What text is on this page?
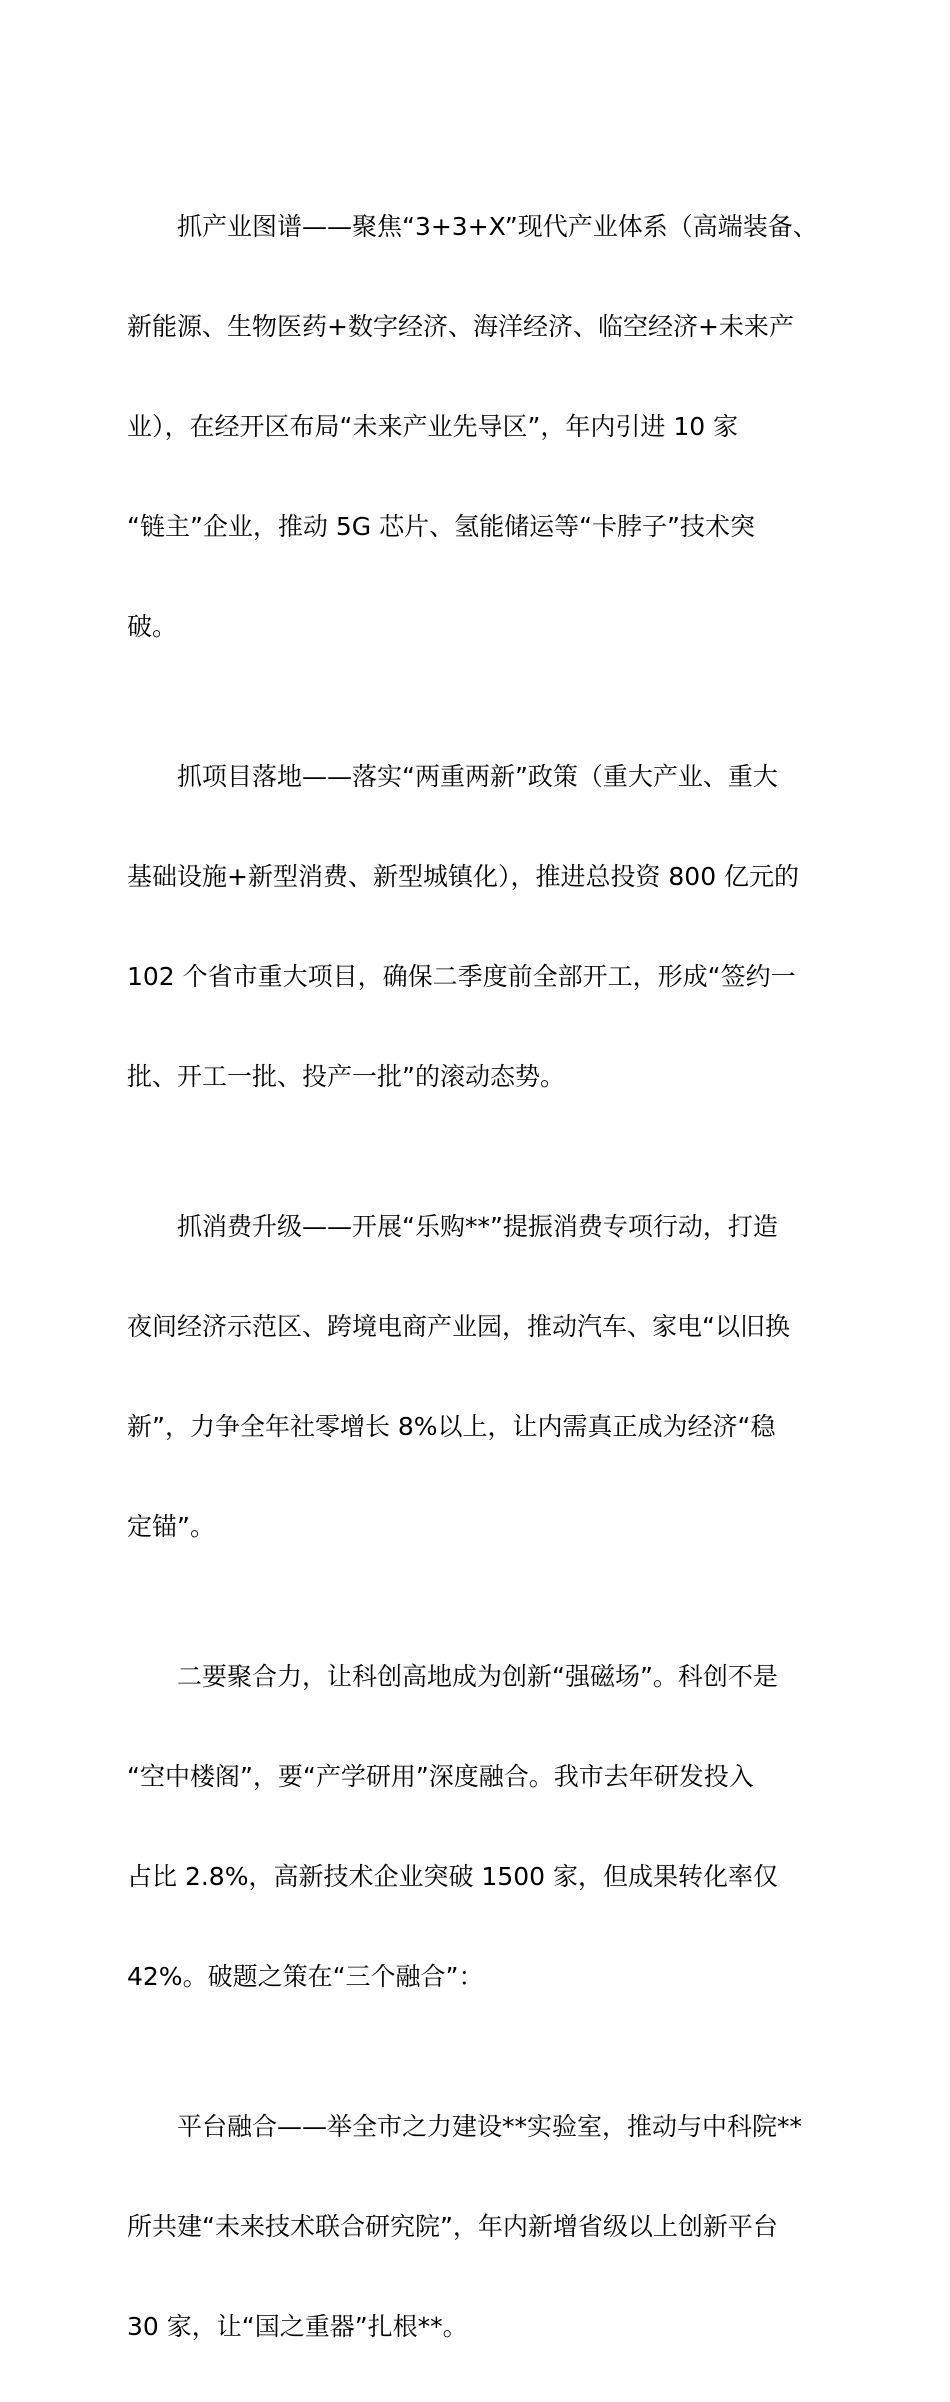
抓产业图谱——聚焦“3+3+X”现代产业体系（高端装备、

新能源、生物医药+数字经济、海洋经济、临空经济+未来产

业），在经开区布局“未来产业先导区”，年内引进 10 家

“链主”企业，推动 5G 芯片、氢能储运等“卡脖子”技术突

破。

抓项目落地——落实“两重两新”政策（重大产业、重大

基础设施+新型消费、新型城镇化），推进总投资 800 亿元的

102 个省市重大项目，确保二季度前全部开工，形成“签约一

批、开工一批、投产一批”的滚动态势。

抓消费升级——开展“乐购**”提振消费专项行动，打造

夜间经济示范区、跨境电商产业园，推动汽车、家电“以旧换

新”，力争全年社零增长 8%以上，让内需真正成为经济“稳

定锚”。

二要聚合力，让科创高地成为创新“强磁场”。科创不是

“空中楼阁”，要“产学研用”深度融合。我市去年研发投入

占比 2.8%，高新技术企业突破 1500 家，但成果转化率仅

42%。破题之策在“三个融合”：

平台融合——举全市之力建设**实验室，推动与中科院**

所共建“未来技术联合研究院”，年内新增省级以上创新平台

30 家，让“国之重器”扎根**。
